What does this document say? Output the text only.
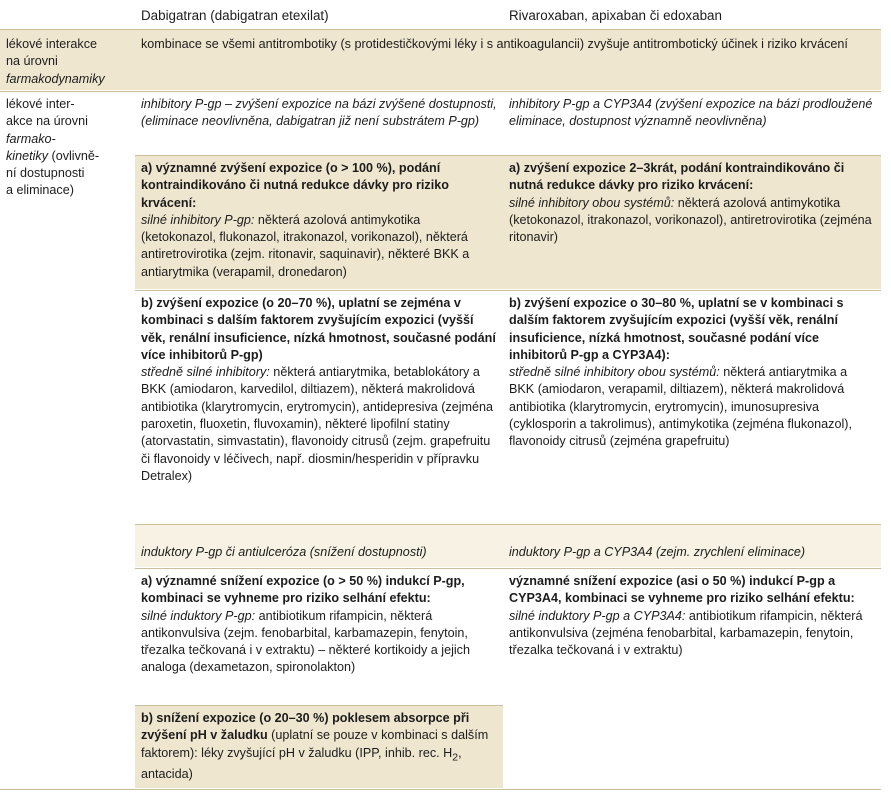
Dabigatran (dabigatran etexilat)	Rivaroxaban, apixaban či edoxaban
lékové interakce
na úrovni
farmakodynamiky
kombinace se všemi antitrombotiky (s protidestičkovými léky i s antikoagulancii) zvyšuje antitrombotický účinek i riziko krvácení
lékové inter-
akce na úrovni
farmako-
kinetiky (ovlivně-
ní dostupnosti
a eliminace)
inhibitory P-gp – zvýšení expozice na bázi zvýšené dostupnosti, (eliminace neovlivněna, dabigatran již není substrátem P-gp)
inhibitory P-gp a CYP3A4 (zvýšení expozice na bázi prodloužené eliminace, dostupnost významně neovlivněna)
a) významné zvýšení expozice (o > 100 %), podání kontraindikováno či nutná redukce dávky pro riziko krvácení:
silné inhibitory P-gp: některá azolová antimykotika (ketokonazol, flukonazol, itrakonazol, vorikonazol), některá antiretrovirotika (zejm. ritonavir, saquinavir), některé BKK a antiarytmika (verapamil, dronedaron)
a) zvýšení expozice 2–3krát, podání kontraindikováno či nutná redukce dávky pro riziko krvácení:
silné inhibitory obou systémů: některá azolová antimykotika (ketokonazol, itrakonazol, vorikonazol), antiretrovirotika (zejména ritonavir)
b) zvýšení expozice (o 20–70 %), uplatní se zejména v kombinaci s dalším faktorem zvyšujícím expozici (vyšší věk, renální insuficience, nízká hmotnost, současné podání více inhibitorů P-gp)
středně silné inhibitory: některá antiarytmika, betablokátory a BKK (amiodaron, karvedilol, diltiazem), některá makrolidová antibiotika (klarytromycin, erytromycin), antidepresiva (zejména paroxetin, fluoxetin, fluvoxamin), některé lipofilní statiny (atorvastatin, simvastatin), flavonoidy citrusů (zejm. grapefruitu či flavonoidy v léčivech, např. diosmin/hesperidin v přípravku Detralex)
b) zvýšení expozice o 30–80 %, uplatní se v kombinaci s dalším faktorem zvyšujícím expozici (vyšší věk, renální insuficience, nízká hmotnost, současné podání více inhibitorů P-gp a CYP3A4):
středně silné inhibitory obou systémů: některá antiarytmika a BKK (amiodaron, verapamil, diltiazem), některá makrolidová antibiotika (klarytromycin, erytromycin), imunosupresiva (cyklosporin a takrolimus), antimykotika (zejména flukonazol), flavonoidy citrusů (zejména grapefruitu)
induktory P-gp či antiulceróza (snížení dostupnosti)	induktory P-gp a CYP3A4 (zejm. zrychlení eliminace)
a) významné snížení expozice (o > 50 %) indukcí P-gp, kombinaci se vyhneme pro riziko selhání efektu:
silné induktory P-gp: antibiotikum rifampicin, některá antikonvulsiva (zejm. fenobarbital, karbamazepin, fenytoin, třezalka tečkovaná i v extraktu) – některé kortikoidy a jejich analoga (dexametazon, spironolakton)
významné snížení expozice (asi o 50 %) indukcí P-gp a CYP3A4, kombinaci se vyhneme pro riziko selhání efektu:
silné induktory P-gp a CYP3A4: antibiotikum rifampicin, některá antikonvulsiva (zejména fenobarbital, karbamazepin, fenytoin, třezalka tečkovaná i v extraktu)
b) snížení expozice (o 20–30 %) poklesem absorpce při zvýšení pH v žaludku (uplatní se pouze v kombinaci s dalším faktorem): léky zvyšující pH v žaludku (IPP, inhib. rec. $H_2$, antacida)
